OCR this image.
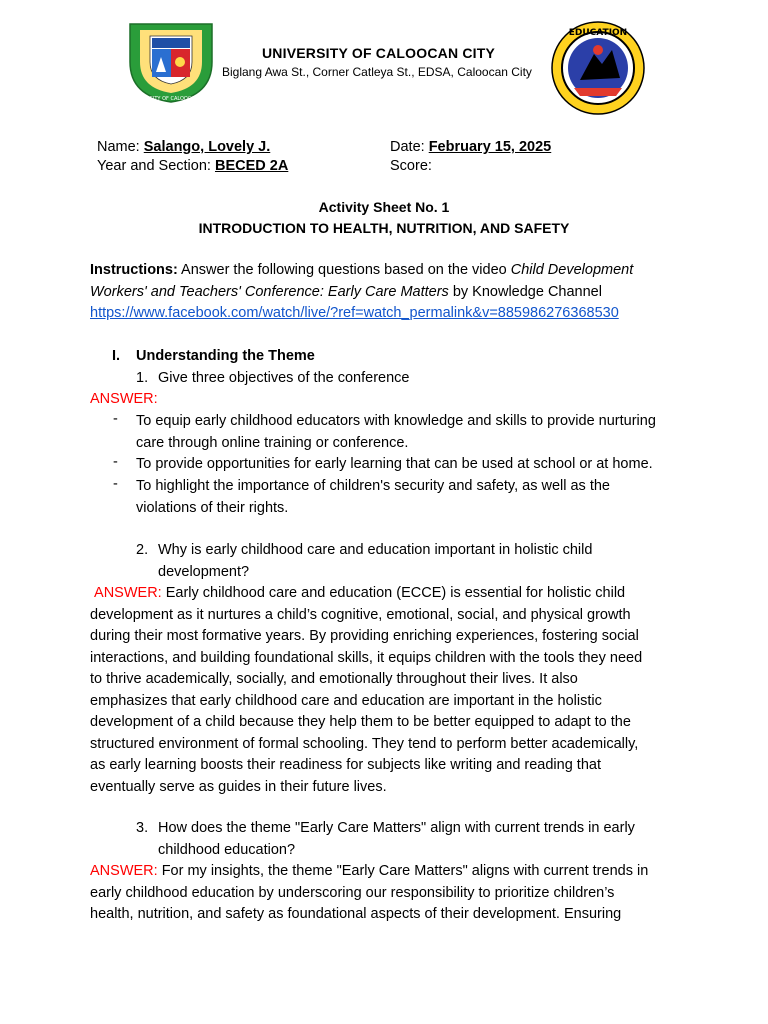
UNIVERSITY OF CALOOCAN CITY
UNIVERSITY OF CALOOCAN CITY
Biglang Awa St., Corner Catleya St., EDSA, Caloocan City
EDUCATION
Name: Salango, Lovely J.
Year and Section: BECED 2A
Date: February 15, 2025
Score:
Activity Sheet No. 1
INTRODUCTION TO HEALTH, NUTRITION, AND SAFETY
Instructions: Answer the following questions based on the video Child Development
Workers' and Teachers' Conference: Early Care Matters by Knowledge Channel
https://www.facebook.com/watch/live/?ref=watch_permalink&v=885986276368530
I. Understanding the Theme
1. Give three objectives of the conference
ANSWER:
- To equip early childhood educators with knowledge and skills to provide nurturing
care through online training or conference.
- To provide opportunities for early learning that can be used at school or at home.
- To highlight the importance of children's security and safety, as well as the
violations of their rights.
2. Why is early childhood care and education important in holistic child
development?
ANSWER: Early childhood care and education (ECCE) is essential for holistic child
development as it nurtures a child’s cognitive, emotional, social, and physical growth
during their most formative years. By providing enriching experiences, fostering social
interactions, and building foundational skills, it equips children with the tools they need
to thrive academically, socially, and emotionally throughout their lives. It also
emphasizes that early childhood care and education are important in the holistic
development of a child because they help them to be better equipped to adapt to the
structured environment of formal schooling. They tend to perform better academically,
as early learning boosts their readiness for subjects like writing and reading that
eventually serve as guides in their future lives.
3. How does the theme "Early Care Matters" align with current trends in early
childhood education?
ANSWER: For my insights, the theme "Early Care Matters" aligns with current trends in
early childhood education by underscoring our responsibility to prioritize children’s
health, nutrition, and safety as foundational aspects of their development. Ensuring
